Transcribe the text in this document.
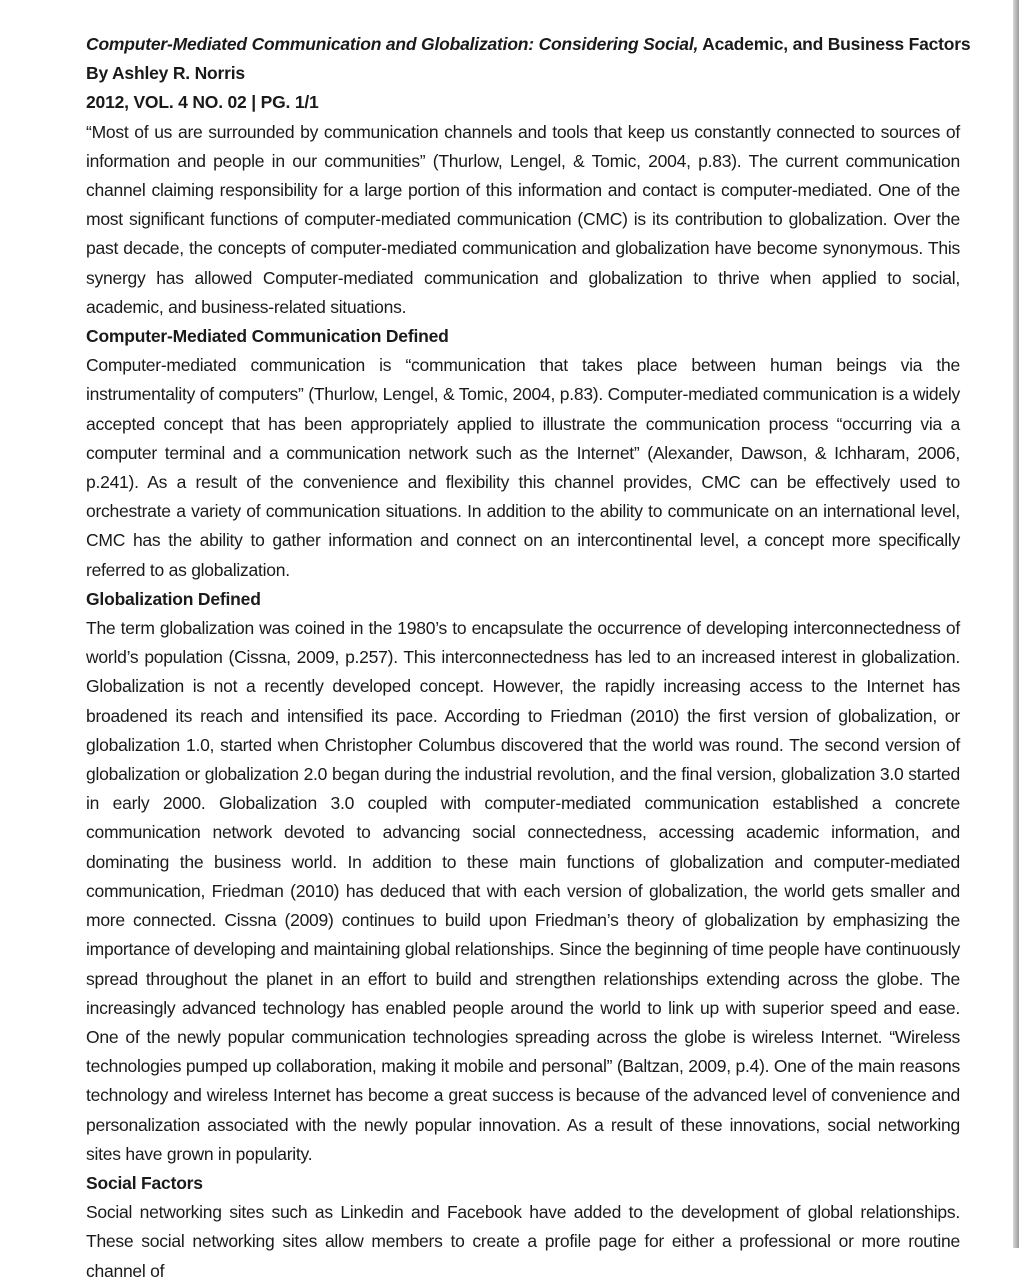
Computer-Mediated Communication and Globalization: Considering Social, Academic, and Business Factors

By Ashley R. Norris

2012, VOL. 4 NO. 02 | PG. 1/1

“Most of us are surrounded by communication channels and tools that keep us constantly connected to sources of information and people in our communities” (Thurlow, Lengel, & Tomic, 2004, p.83). The current communication channel claiming responsibility for a large portion of this information and contact is computer-mediated. One of the most significant functions of computer-mediated communication (CMC) is its contribution to globalization. Over the past decade, the concepts of computer-mediated communication and globalization have become synonymous. This synergy has allowed Computer-mediated communication and globalization to thrive when applied to social, academic, and business-related situations.

Computer-Mediated Communication Defined

Computer-mediated communication is “communication that takes place between human beings via the instrumentality of computers” (Thurlow, Lengel, & Tomic, 2004, p.83). Computer-mediated communication is a widely accepted concept that has been appropriately applied to illustrate the communication process “occurring via a computer terminal and a communication network such as the Internet” (Alexander, Dawson, & Ichharam, 2006, p.241). As a result of the convenience and flexibility this channel provides, CMC can be effectively used to orchestrate a variety of communication situations. In addition to the ability to communicate on an international level, CMC has the ability to gather information and connect on an intercontinental level, a concept more specifically referred to as globalization.

Globalization Defined

The term globalization was coined in the 1980’s to encapsulate the occurrence of developing interconnectedness of world’s population (Cissna, 2009, p.257). This interconnectedness has led to an increased interest in globalization. Globalization is not a recently developed concept. However, the rapidly increasing access to the Internet has broadened its reach and intensified its pace. According to Friedman (2010) the first version of globalization, or globalization 1.0, started when Christopher Columbus discovered that the world was round. The second version of globalization or globalization 2.0 began during the industrial revolution, and the final version, globalization 3.0 started in early 2000. Globalization 3.0 coupled with computer-mediated communication established a concrete communication network devoted to advancing social connectedness, accessing academic information, and dominating the business world. In addition to these main functions of globalization and computer-mediated communication, Friedman (2010) has deduced that with each version of globalization, the world gets smaller and more connected. Cissna (2009) continues to build upon Friedman’s theory of globalization by emphasizing the importance of developing and maintaining global relationships. Since the beginning of time people have continuously spread throughout the planet in an effort to build and strengthen relationships extending across the globe. The increasingly advanced technology has enabled people around the world to link up with superior speed and ease. One of the newly popular communication technologies spreading across the globe is wireless Internet. “Wireless technologies pumped up collaboration, making it mobile and personal” (Baltzan, 2009, p.4). One of the main reasons technology and wireless Internet has become a great success is because of the advanced level of convenience and personalization associated with the newly popular innovation. As a result of these innovations, social networking sites have grown in popularity.

Social Factors

Social networking sites such as Linkedin and Facebook have added to the development of global relationships. These social networking sites allow members to create a profile page for either a professional or more routine channel of
